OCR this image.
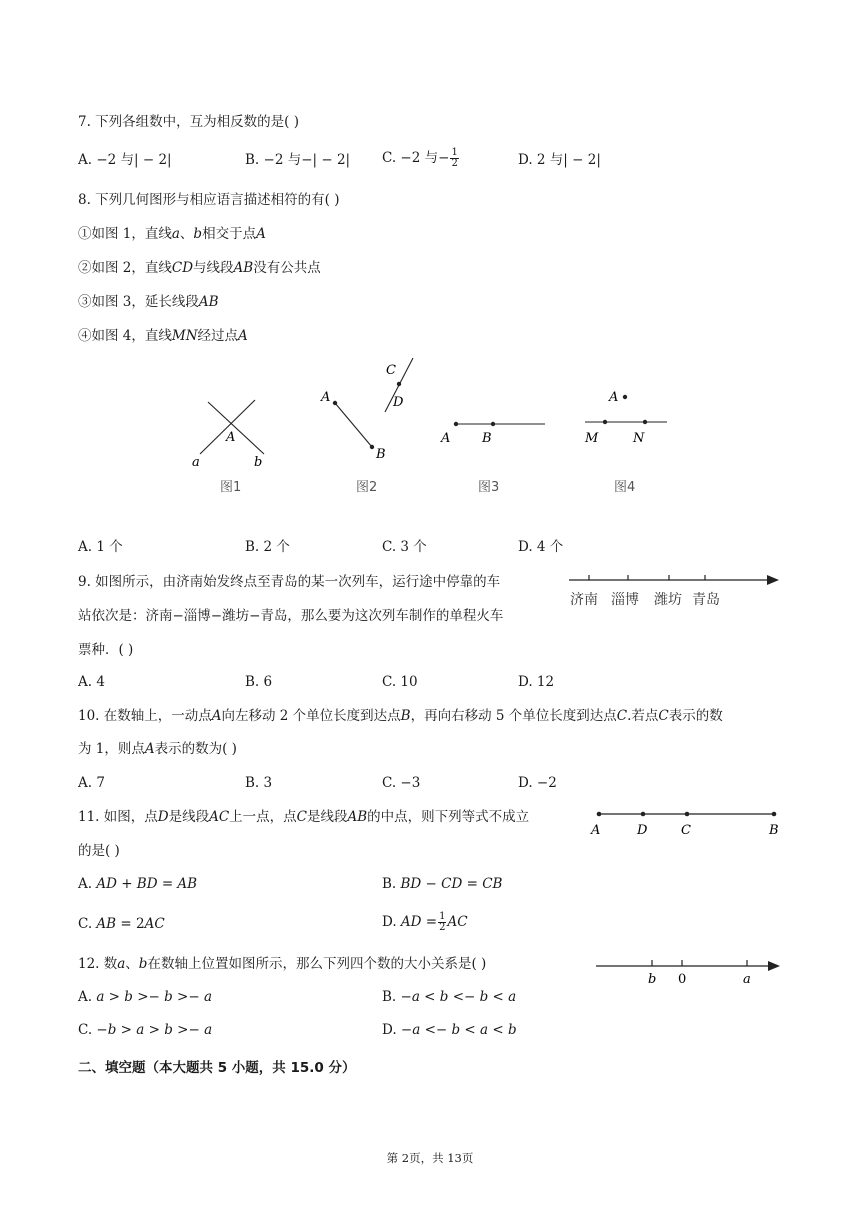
7. 下列各组数中，互为相反数的是( )
A. −2 与| − 2|	B. −2 与−| − 2| C. −2 与− $\frac{1}{2}$	D. 2 与| − 2|
8. 下列几何图形与相应语言描述相符的有( )
①如图 1，直线𝑎、𝑏相交于点𝐴
②如图 2，直线𝐶𝐷与线段𝐴𝐵没有公共点
③如图 3，延长线段𝐴𝐵
④如图 4，直线𝑀𝑁经过点𝐴
A
a	b
图1
A
B
C
D
图2
A B
图3
A
M	N
图4
A. 1 个	B. 2 个	C. 3 个	D. 4 个
9. 如图所示，由济南始发终点至青岛的某一次列车，运行途中停靠的车
站依次是：济南−淄博−潍坊−青岛，那么要为这次列车制作的单程火车
票种．( )
济南 淄博 潍坊 青岛
A. 4	B. 6	C. 10	D. 12
10. 在数轴上，一动点𝐴向左移动 2 个单位长度到达点𝐵，再向右移动 5 个单位长度到达点𝐶.若点𝐶表示的数
为 1，则点𝐴表示的数为( )
A. 7	B. 3	C. −3	D. −2
11. 如图，点𝐷是线段𝐴𝐶上一点，点𝐶是线段𝐴𝐵的中点，则下列等式不成立
的是( )
A	D	C	B
A. 𝐴𝐷 + 𝐵𝐷 = 𝐴𝐵	B. 𝐵𝐷 − 𝐶𝐷 = 𝐶𝐵
C. 𝐴𝐵 = 2𝐴𝐶	D. 𝐴𝐷 = $\frac{1}{2}$ 𝐴𝐶
12. 数𝑎、𝑏在数轴上位置如图所示，那么下列四个数的大小关系是( )
b 0	a
A. 𝑎 > 𝑏 >− 𝑏 >− 𝑎	B. −𝑎 < 𝑏 <− 𝑏 < 𝑎
C. −𝑏 > 𝑎 > 𝑏 >− 𝑎	D. −𝑎 <− 𝑏 < 𝑎 < 𝑏
二、填空题（本大题共 5 小题，共 15.0 分）
第 2页，共 13页
